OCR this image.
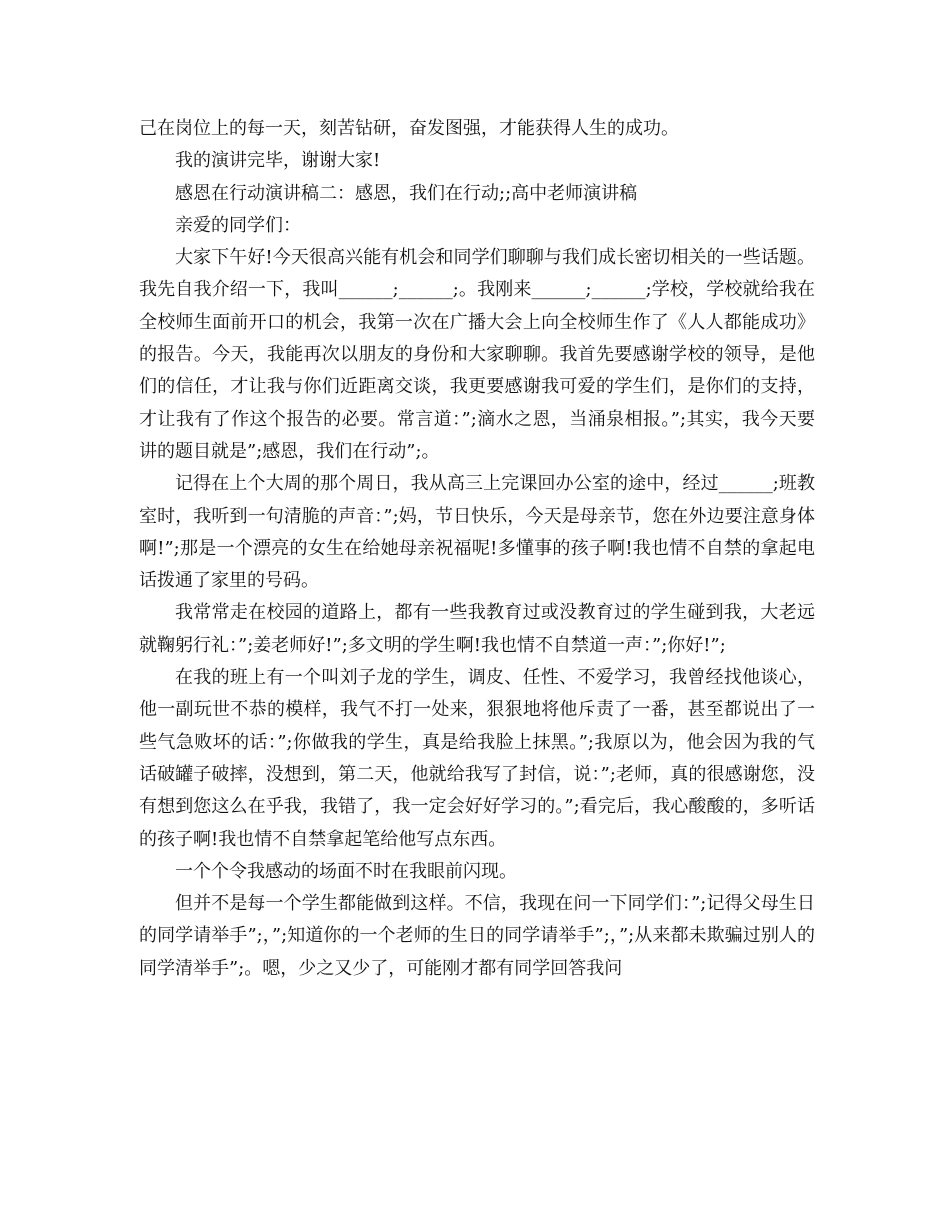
己在岗位上的每一天，刻苦钻研，奋发图强，才能获得人生的成功。

我的演讲完毕，谢谢大家!

感恩在行动演讲稿二：感恩，我们在行动;;高中老师演讲稿

亲爱的同学们：

大家下午好!今天很高兴能有机会和同学们聊聊与我们成长密切相关的一些话题。我先自我介绍一下，我叫______;______;。我刚来______;______;学校，学校就给我在全校师生面前开口的机会，我第一次在广播大会上向全校师生作了《人人都能成功》的报告。今天，我能再次以朋友的身份和大家聊聊。我首先要感谢学校的领导，是他们的信任，才让我与你们近距离交谈，我更要感谢我可爱的学生们，是你们的支持，才让我有了作这个报告的必要。常言道：”;滴水之恩，当涌泉相报。”;其实，我今天要讲的题目就是”;感恩，我们在行动”;。

记得在上个大周的那个周日，我从高三上完课回办公室的途中，经过______;班教室时，我听到一句清脆的声音：”;妈，节日快乐，今天是母亲节，您在外边要注意身体啊!”;那是一个漂亮的女生在给她母亲祝福呢!多懂事的孩子啊!我也情不自禁的拿起电话拨通了家里的号码。

我常常走在校园的道路上，都有一些我教育过或没教育过的学生碰到我，大老远就鞠躬行礼：”;姜老师好!”;多文明的学生啊!我也情不自禁道一声：”;你好!”;

在我的班上有一个叫刘子龙的学生，调皮、任性、不爱学习，我曾经找他谈心，他一副玩世不恭的模样，我气不打一处来，狠狠地将他斥责了一番，甚至都说出了一些气急败坏的话：”;你做我的学生，真是给我脸上抹黑。”;我原以为，他会因为我的气话破罐子破摔，没想到，第二天，他就给我写了封信，说：”;老师，真的很感谢您，没有想到您这么在乎我，我错了，我一定会好好学习的。”;看完后，我心酸酸的，多听话的孩子啊!我也情不自禁拿起笔给他写点东西。

一个个令我感动的场面不时在我眼前闪现。

但并不是每一个学生都能做到这样。不信，我现在问一下同学们：”;记得父母生日的同学请举手”;，”;知道你的一个老师的生日的同学请举手”;，”;从来都未欺骗过别人的同学清举手”;。嗯，少之又少了，可能刚才都有同学回答我问
